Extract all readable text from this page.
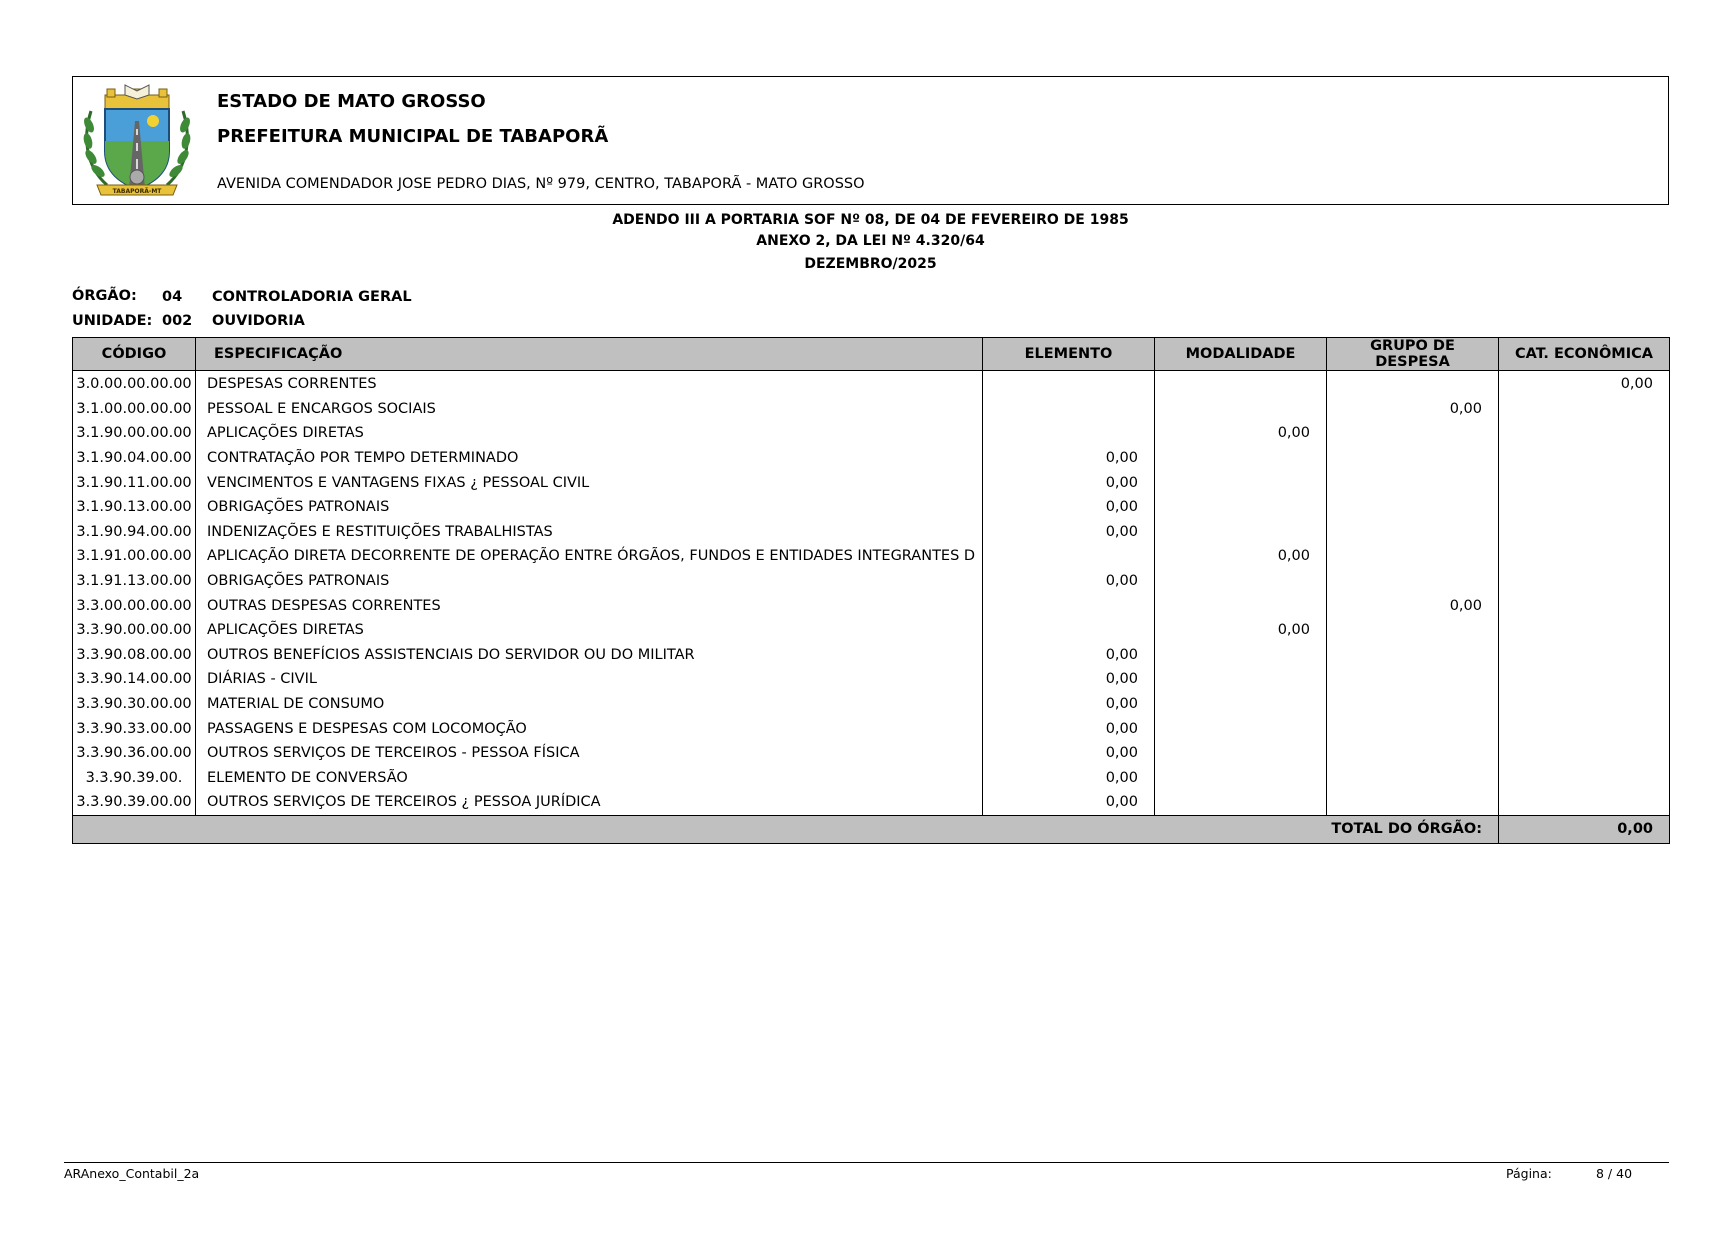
TABAPORÃ-MT
ESTADO DE MATO GROSSO
PREFEITURA MUNICIPAL DE TABAPORÃ
AVENIDA COMENDADOR JOSE PEDRO DIAS, Nº 979, CENTRO, TABAPORÃ - MATO GROSSO
ADENDO III A PORTARIA SOF Nº 08, DE 04 DE FEVEREIRO DE 1985
ANEXO 2, DA LEI Nº 4.320/64
DEZEMBRO/2025
ÓRGÃO: 04 CONTROLADORIA GERAL
UNIDADE: 002 OUVIDORIA
CÓDIGO	ESPECIFICAÇÃO	ELEMENTO	MODALIDADE	GRUPO DE DESPESA	CAT. ECONÔMICA
3.0.00.00.00.00	DESPESAS CORRENTES				0,00
3.1.00.00.00.00	PESSOAL E ENCARGOS SOCIAIS			0,00	
3.1.90.00.00.00	APLICAÇÕES DIRETAS		0,00		
3.1.90.04.00.00	CONTRATAÇÃO POR TEMPO DETERMINADO	0,00			
3.1.90.11.00.00	VENCIMENTOS E VANTAGENS FIXAS ¿ PESSOAL CIVIL	0,00			
3.1.90.13.00.00	OBRIGAÇÕES PATRONAIS	0,00			
3.1.90.94.00.00	INDENIZAÇÕES E RESTITUIÇÕES TRABALHISTAS	0,00			
3.1.91.00.00.00	APLICAÇÃO DIRETA DECORRENTE DE OPERAÇÃO ENTRE ÓRGÃOS, FUNDOS E ENTIDADES INTEGRANTES D		0,00		
3.1.91.13.00.00	OBRIGAÇÕES PATRONAIS	0,00			
3.3.00.00.00.00	OUTRAS DESPESAS CORRENTES			0,00	
3.3.90.00.00.00	APLICAÇÕES DIRETAS		0,00		
3.3.90.08.00.00	OUTROS BENEFÍCIOS ASSISTENCIAIS DO SERVIDOR OU DO MILITAR	0,00			
3.3.90.14.00.00	DIÁRIAS - CIVIL	0,00			
3.3.90.30.00.00	MATERIAL DE CONSUMO	0,00			
3.3.90.33.00.00	PASSAGENS E DESPESAS COM LOCOMOÇÃO	0,00			
3.3.90.36.00.00	OUTROS SERVIÇOS DE TERCEIROS - PESSOA FÍSICA	0,00			
3.3.90.39.00.	ELEMENTO DE CONVERSÃO	0,00			
3.3.90.39.00.00	OUTROS SERVIÇOS DE TERCEIROS ¿ PESSOA JURÍDICA	0,00			
TOTAL DO ÓRGÃO:					0,00
ARAnexo_Contabil_2a	Página:	8 / 40
